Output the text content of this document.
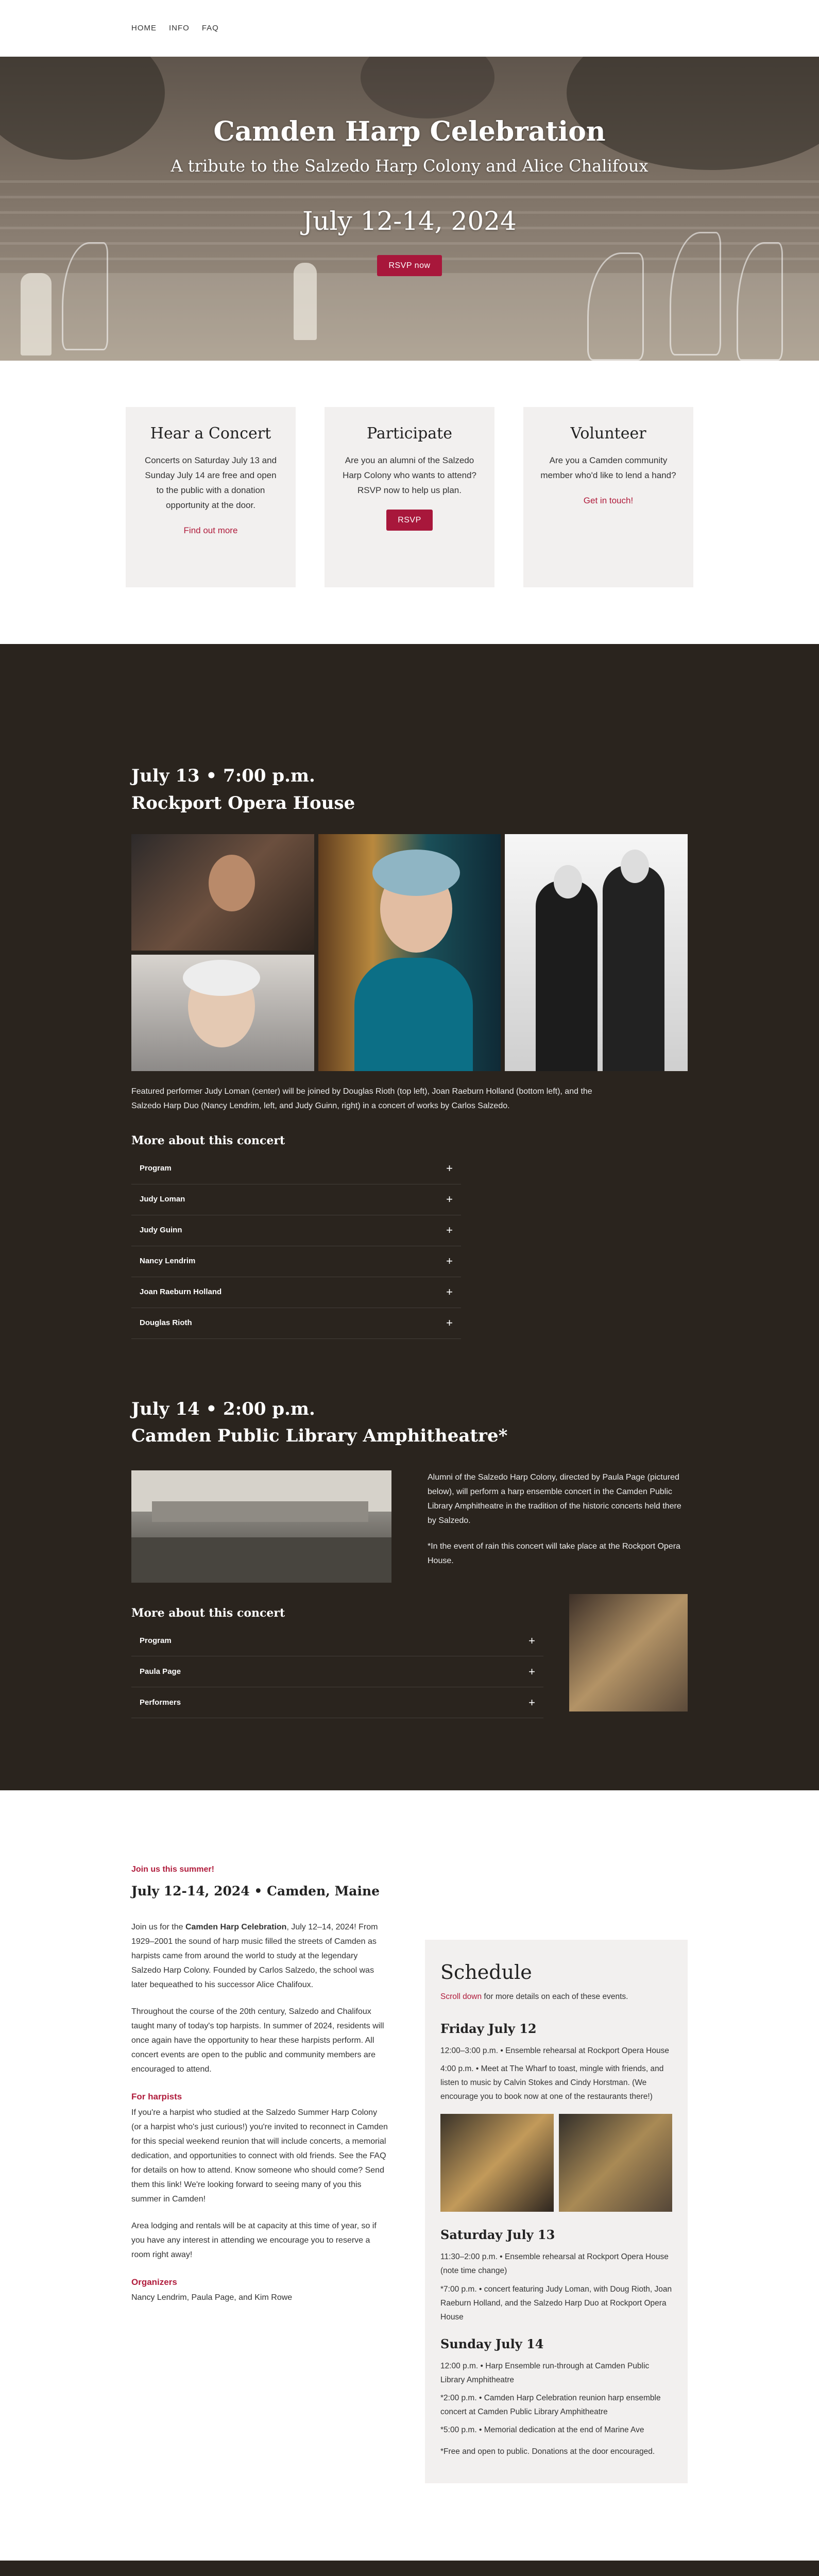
HOME INFO FAQ
Camden Harp Celebration
A tribute to the Salzedo Harp Colony and Alice Chalifoux
July 12-14, 2024
RSVP now
Hear a Concert

Concerts on Saturday July 13 and Sunday July 14 are free and open to the public with a donation opportunity at the door.

Find out more
Participate

Are you an alumni of the Salzedo Harp Colony who wants to attend? RSVP now to help us plan.

RSVP
Volunteer

Are you a Camden community member who'd like to lend a hand?

Get in touch!
July 13 • 7:00 p.m.
Rockport Opera House

Featured performer Judy Loman (center) will be joined by Douglas Rioth (top left), Joan Raeburn Holland (bottom left), and the Salzedo Harp Duo (Nancy Lendrim, left, and Judy Guinn, right) in a concert of works by Carlos Salzedo.

More about this concert
Program	+
Judy Loman	+
Judy Guinn	+
Nancy Lendrim	+
Joan Raeburn Holland	+
Douglas Rioth	+
July 14 • 2:00 p.m.
Camden Public Library Amphitheatre*

Alumni of the Salzedo Harp Colony, directed by Paula Page (pictured below), will perform a harp ensemble concert in the Camden Public Library Amphitheatre in the tradition of the historic concerts held there by Salzedo.

*In the event of rain this concert will take place at the Rockport Opera House.

More about this concert
Program	+
Paula Page	+
Performers	+
Join us this summer!
July 12-14, 2024 • Camden, Maine

Join us for the Camden Harp Celebration, July 12–14, 2024! From 1929–2001 the sound of harp music filled the streets of Camden as harpists came from around the world to study at the legendary Salzedo Harp Colony. Founded by Carlos Salzedo, the school was later bequeathed to his successor Alice Chalifoux.

Throughout the course of the 20th century, Salzedo and Chalifoux taught many of today's top harpists. In summer of 2024, residents will once again have the opportunity to hear these harpists perform. All concert events are open to the public and community members are encouraged to attend.

For harpists

If you're a harpist who studied at the Salzedo Summer Harp Colony (or a harpist who's just curious!) you're invited to reconnect in Camden for this special weekend reunion that will include concerts, a memorial dedication, and opportunities to connect with old friends. See the FAQ for details on how to attend. Know someone who should come? Send them this link! We're looking forward to seeing many of you this summer in Camden!

Area lodging and rentals will be at capacity at this time of year, so if you have any interest in attending we encourage you to reserve a room right away!

Organizers

Nancy Lendrim, Paula Page, and Kim Rowe

Schedule

Scroll down for more details on each of these events.

Friday July 12

12:00–3:00 p.m. • Ensemble rehearsal at Rockport Opera House

4:00 p.m. • Meet at The Wharf to toast, mingle with friends, and listen to music by Calvin Stokes and Cindy Horstman. (We encourage you to book now at one of the restaurants there!)

Saturday July 13

11:30–2:00 p.m. • Ensemble rehearsal at Rockport Opera House (note time change)

*7:00 p.m. • concert featuring Judy Loman, with Doug Rioth, Joan Raeburn Holland, and the Salzedo Harp Duo at Rockport Opera House

Sunday July 14

12:00 p.m. • Harp Ensemble run-through at Camden Public Library Amphitheatre

*2:00 p.m. • Camden Harp Celebration reunion harp ensemble concert at Camden Public Library Amphitheatre

*5:00 p.m. • Memorial dedication at the end of Marine Ave

*Free and open to public. Donations at the door encouraged.
